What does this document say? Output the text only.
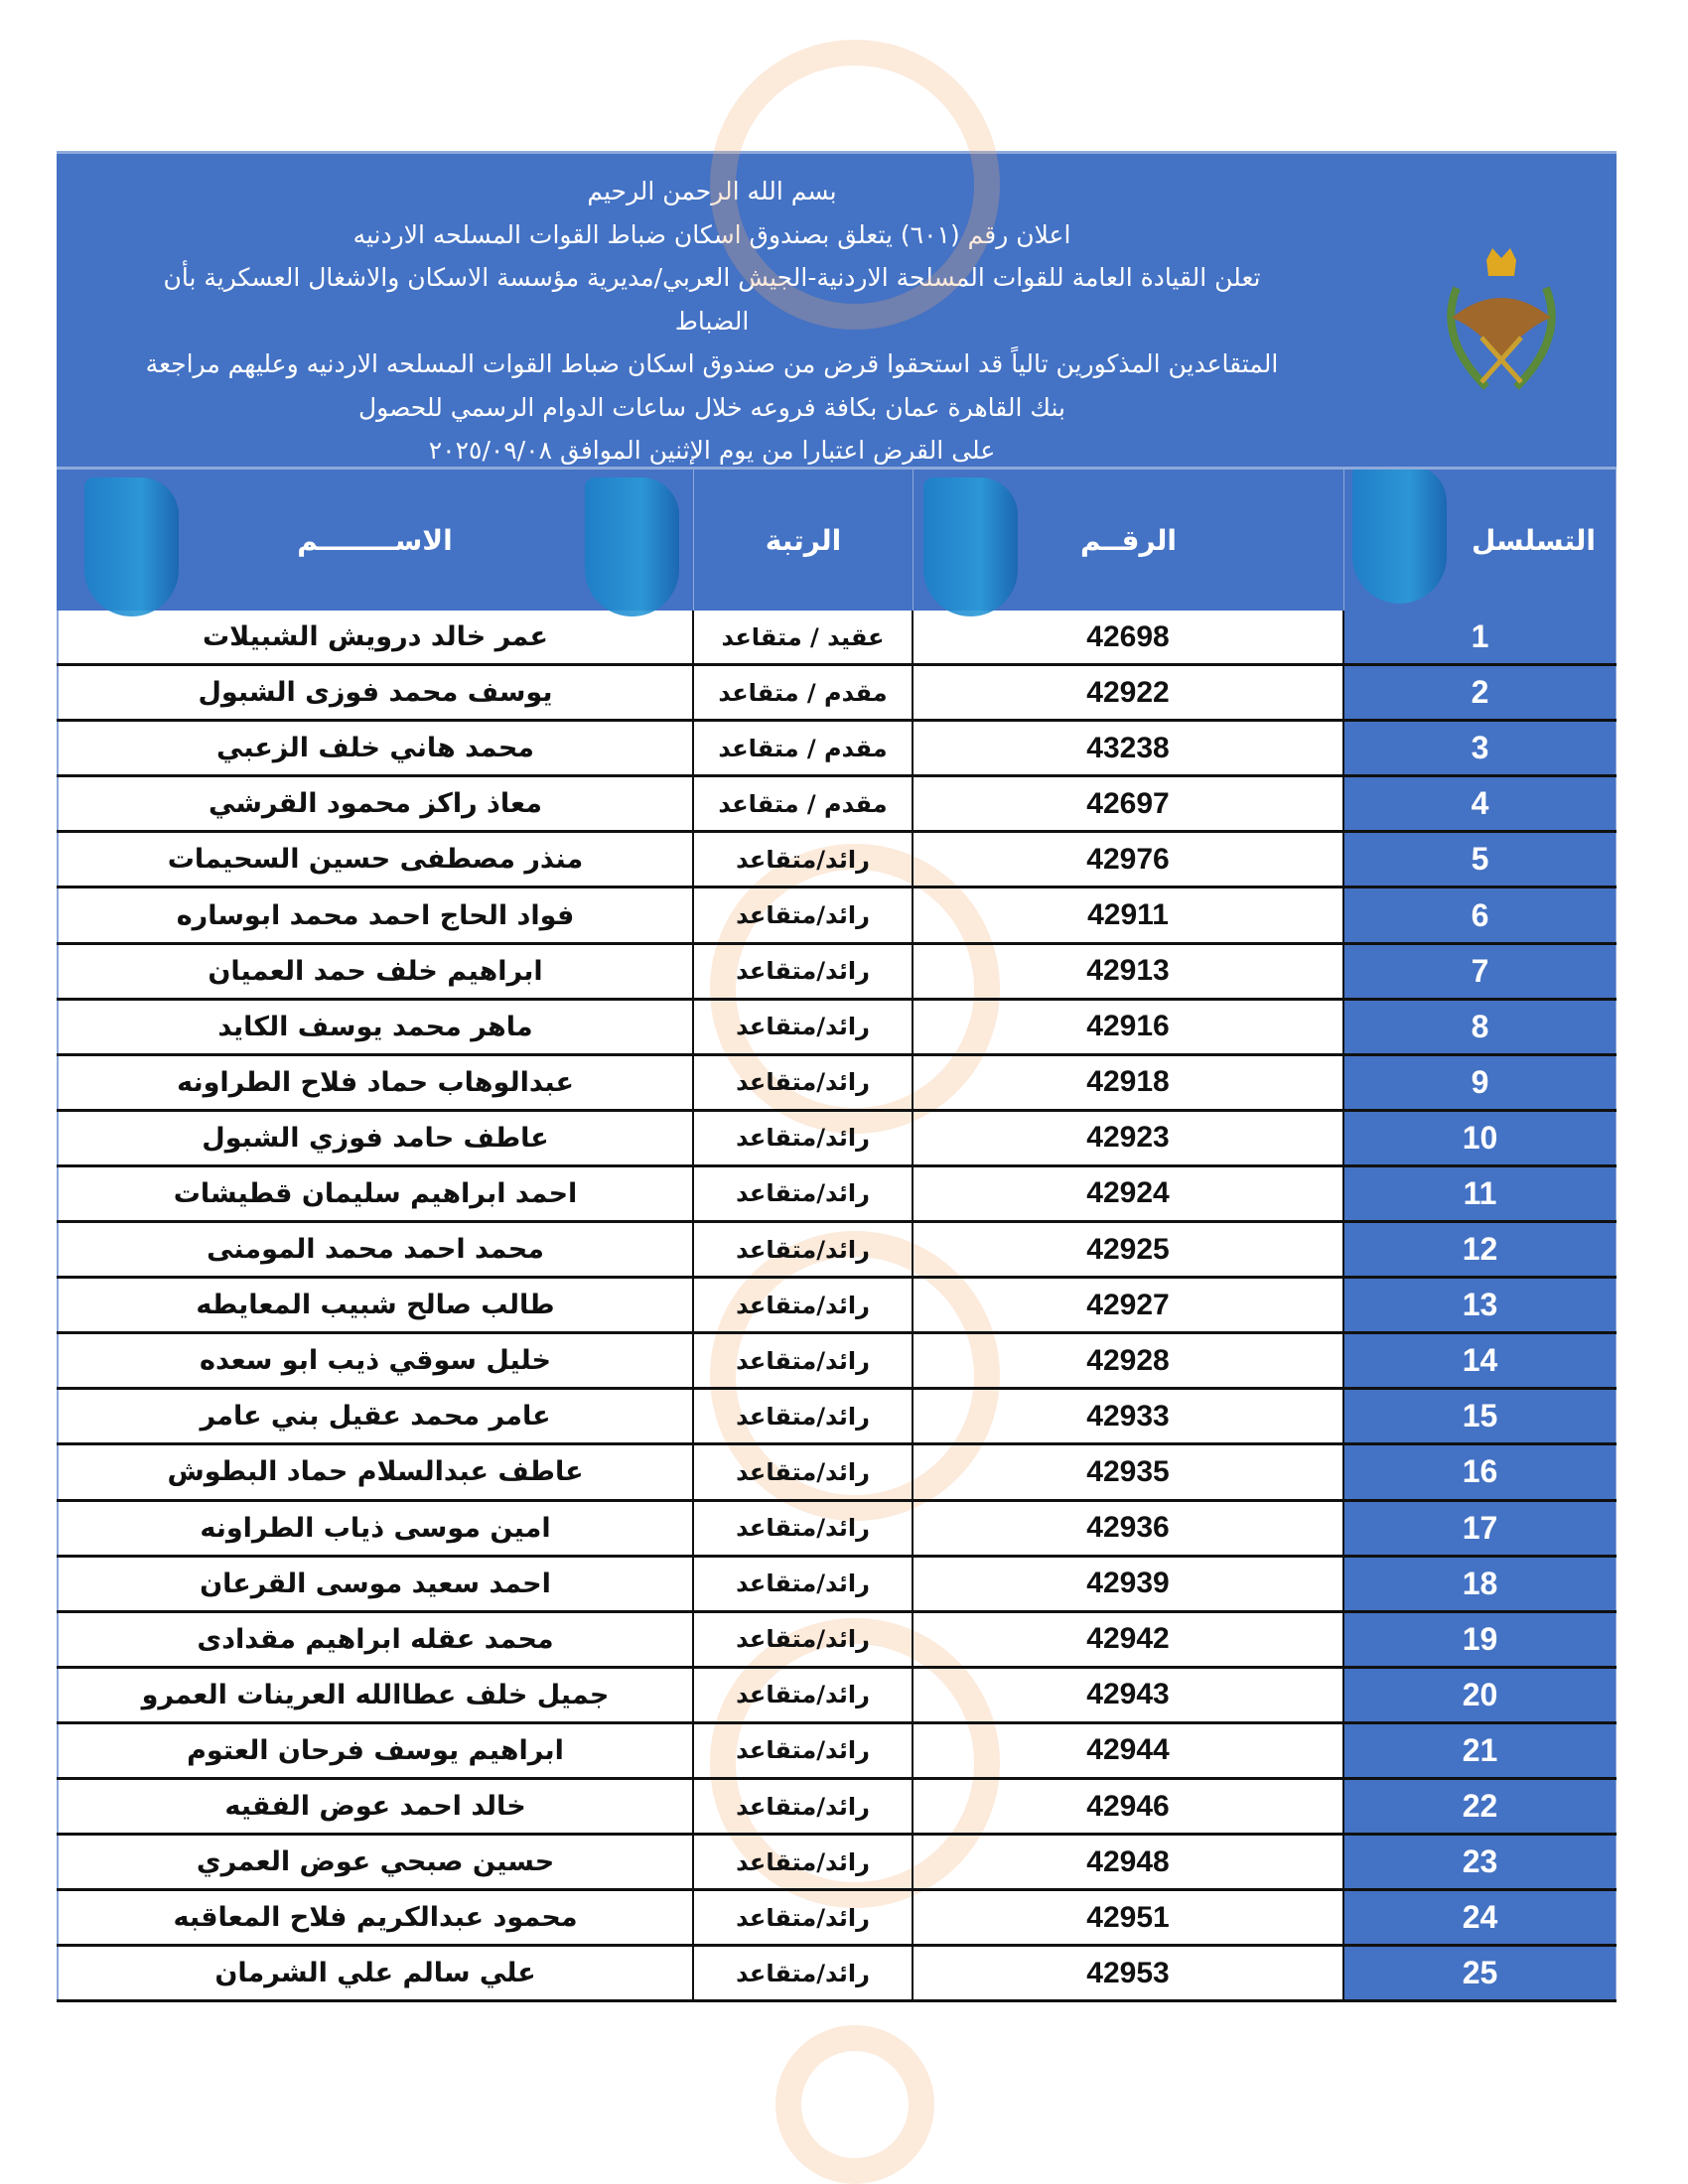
بسم الله الرحمن الرحيم
اعلان رقم (٦٠١) يتعلق بصندوق اسكان ضباط القوات المسلحه الاردنيه
تعلن القيادة العامة للقوات المسلحة الاردنية-الجيش العربي/مديرية مؤسسة الاسكان والاشغال العسكرية بأن
الضباط
المتقاعدين المذكورين تالياً قد استحقوا قرض من صندوق اسكان ضباط القوات المسلحه الاردنيه وعليهم مراجعة
بنك القاهرة عمان بكافة فروعه خلال ساعات الدوام الرسمي للحصول
على القرض اعتبارا من يوم الإثنين الموافق ٢٠٢٥/٠٩/٠٨
الاســــــــم	الرتبة	الرقــم	التسلسل
عمر خالد درويش الشبيلات	عقيد / متقاعد	42698	1
يوسف محمد فوزى الشبول	مقدم / متقاعد	42922	2
محمد هاني خلف الزعبي	مقدم / متقاعد	43238	3
معاذ راكز محمود القرشي	مقدم / متقاعد	42697	4
منذر مصطفى حسين السحيمات	رائد/متقاعد	42976	5
فواد الحاج احمد محمد ابوساره	رائد/متقاعد	42911	6
ابراهيم خلف حمد العميان	رائد/متقاعد	42913	7
ماهر محمد يوسف الكايد	رائد/متقاعد	42916	8
عبدالوهاب حماد فلاح الطراونه	رائد/متقاعد	42918	9
عاطف حامد فوزي الشبول	رائد/متقاعد	42923	10
احمد ابراهيم سليمان قطيشات	رائد/متقاعد	42924	11
محمد احمد محمد المومنى	رائد/متقاعد	42925	12
طالب صالح شبيب المعايطه	رائد/متقاعد	42927	13
خليل سوقي ذيب ابو سعده	رائد/متقاعد	42928	14
عامر محمد عقيل بني عامر	رائد/متقاعد	42933	15
عاطف عبدالسلام حماد البطوش	رائد/متقاعد	42935	16
امين موسى ذياب الطراونه	رائد/متقاعد	42936	17
احمد سعيد موسى القرعان	رائد/متقاعد	42939	18
محمد عقله ابراهيم مقدادى	رائد/متقاعد	42942	19
جميل خلف عطاالله العرينات العمرو	رائد/متقاعد	42943	20
ابراهيم يوسف فرحان العتوم	رائد/متقاعد	42944	21
خالد احمد عوض الفقيه	رائد/متقاعد	42946	22
حسين صبحي عوض العمري	رائد/متقاعد	42948	23
محمود عبدالكريم فلاح المعاقبه	رائد/متقاعد	42951	24
علي سالم علي الشرمان	رائد/متقاعد	42953	25
